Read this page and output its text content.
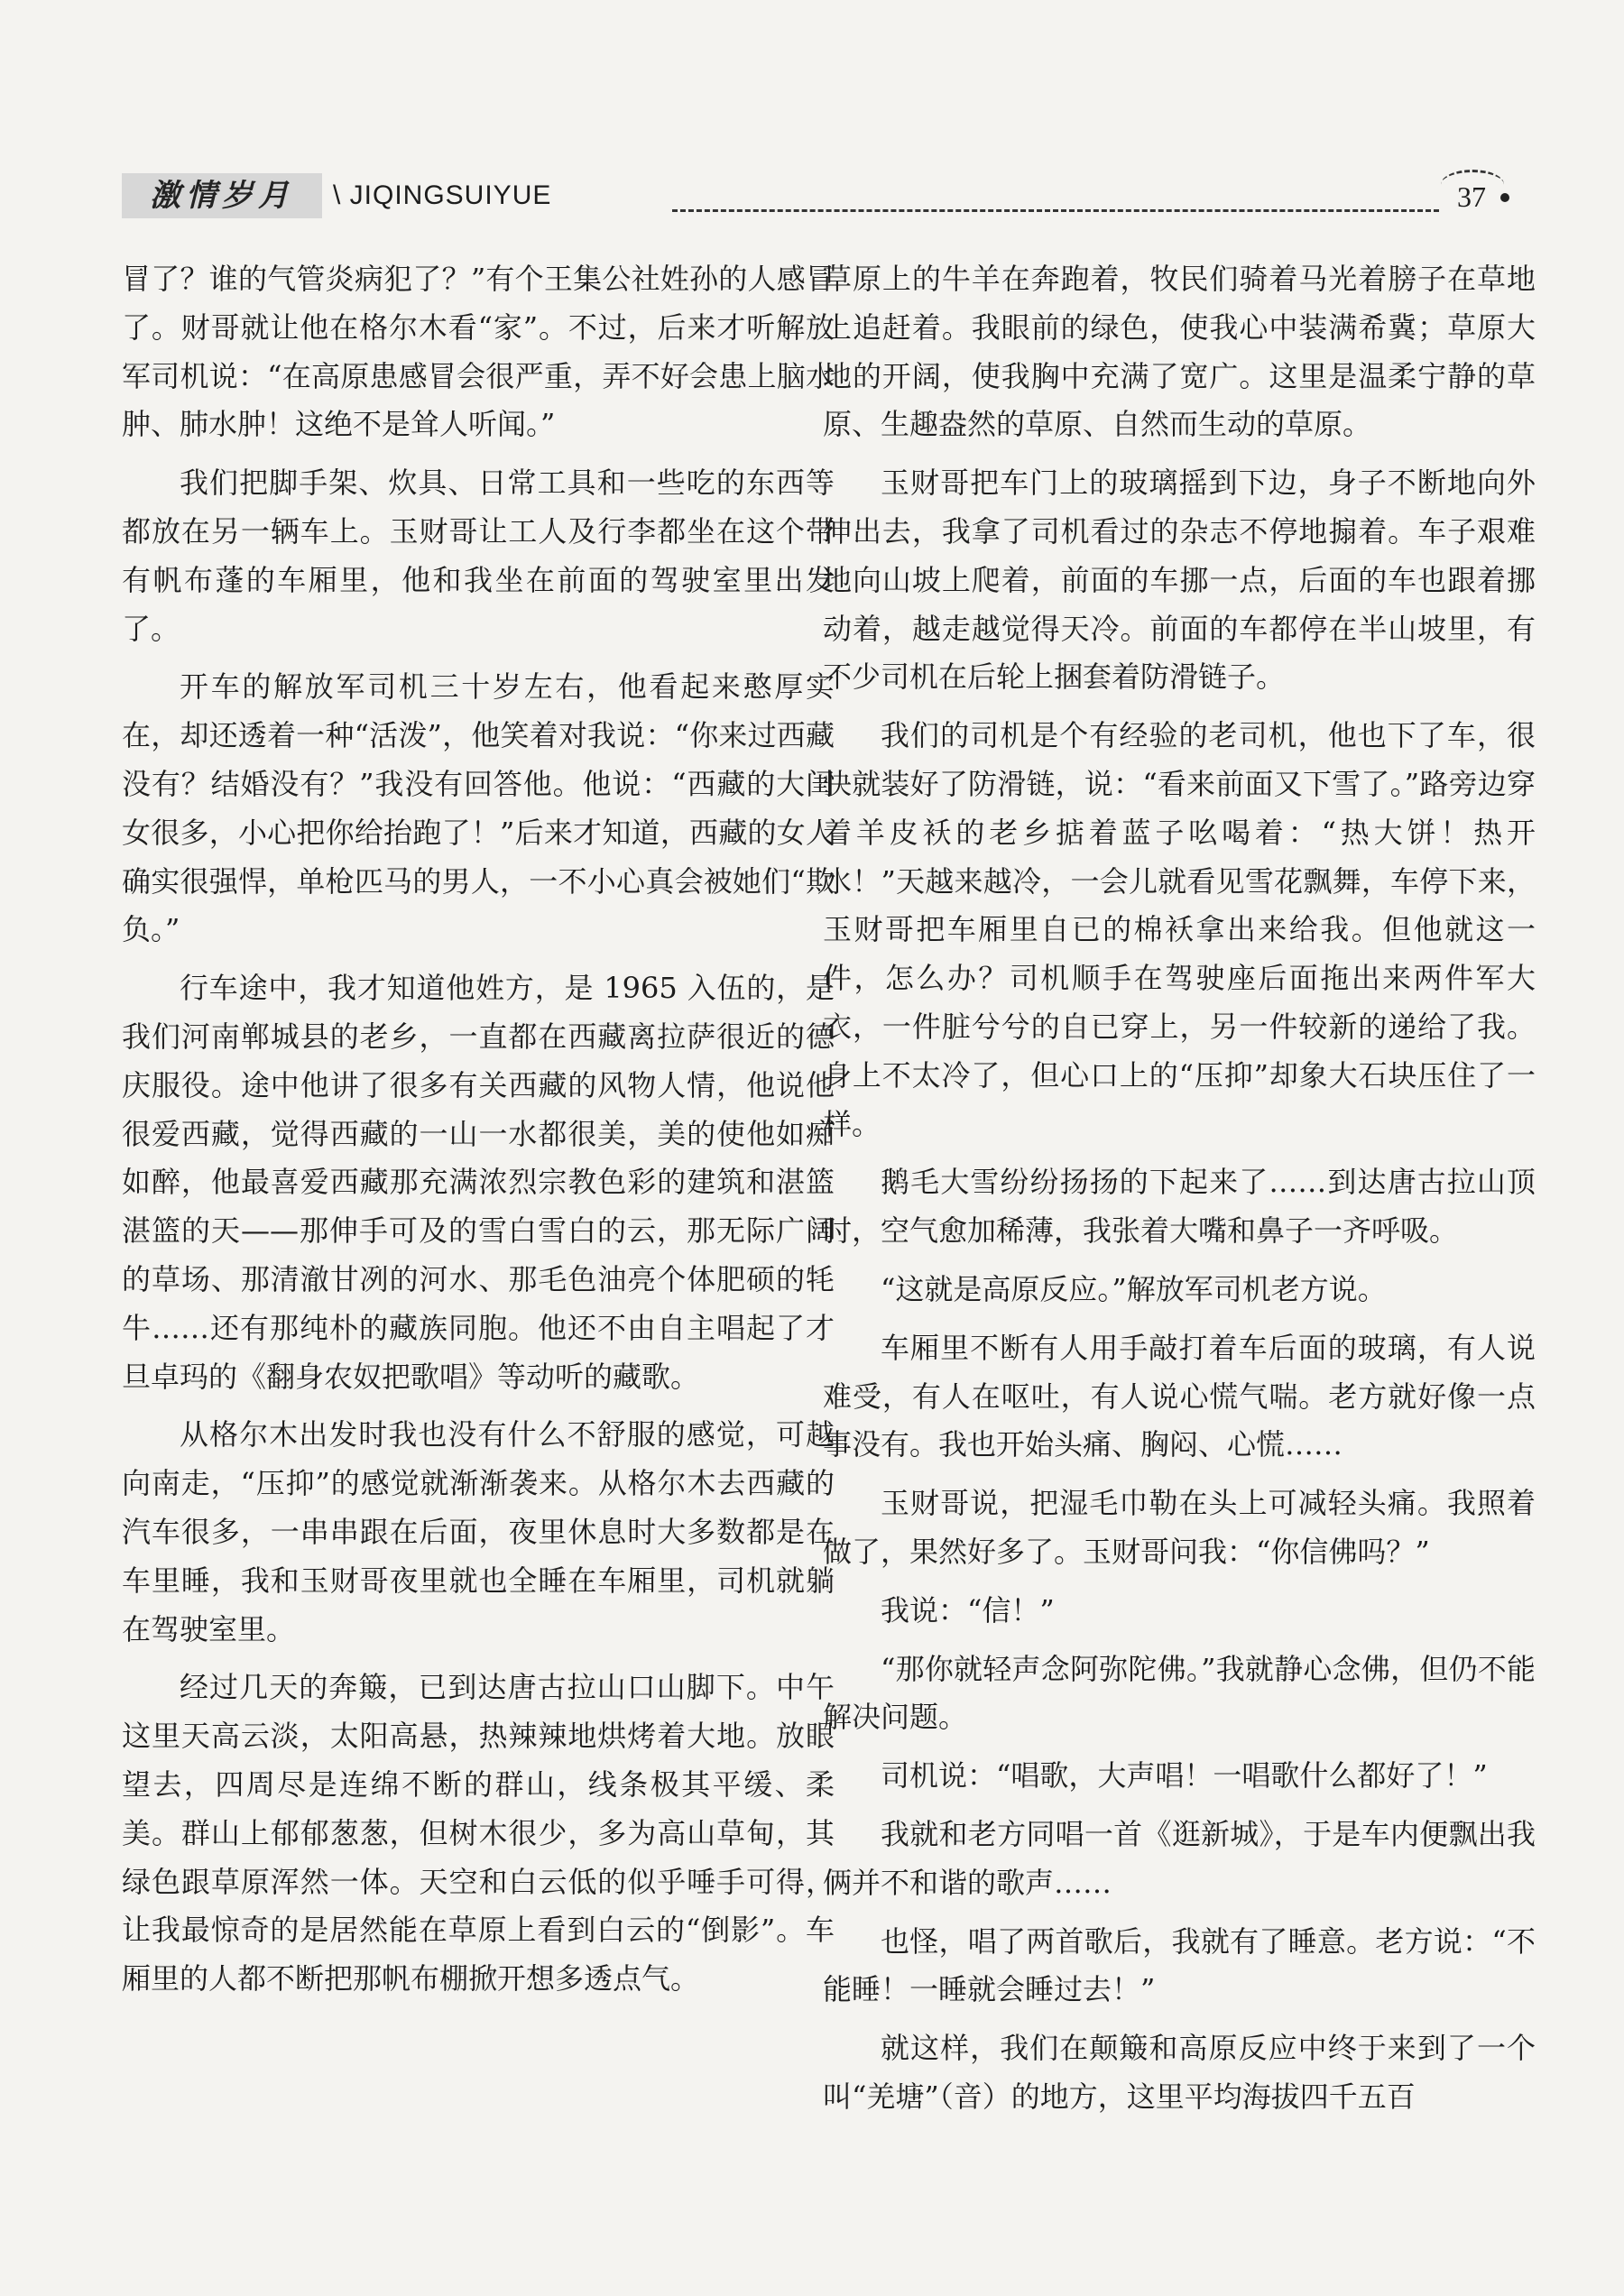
激情岁月	\ JIQINGSUIYUE	37

冒了？谁的气管炎病犯了？”有个王集公社姓孙的人感冒了。财哥就让他在格尔木看“家”。不过，后来才听解放军司机说：“在高原患感冒会很严重，弄不好会患上脑水肿、肺水肿！这绝不是耸人听闻。”

我们把脚手架、炊具、日常工具和一些吃的东西等都放在另一辆车上。玉财哥让工人及行李都坐在这个带有帆布蓬的车厢里，他和我坐在前面的驾驶室里出发了。

开车的解放军司机三十岁左右，他看起来憨厚实在，却还透着一种“活泼”，他笑着对我说：“你来过西藏没有？结婚没有？”我没有回答他。他说：“西藏的大闺女很多，小心把你给抬跑了！”后来才知道，西藏的女人确实很强悍，单枪匹马的男人，一不小心真会被她们“欺负。”

行车途中，我才知道他姓方，是 1965 入伍的，是我们河南郸城县的老乡，一直都在西藏离拉萨很近的德庆服役。途中他讲了很多有关西藏的风物人情，他说他很爱西藏，觉得西藏的一山一水都很美，美的使他如痴如醉，他最喜爱西藏那充满浓烈宗教色彩的建筑和湛篮湛篮的天——那伸手可及的雪白雪白的云，那无际广阔的草场、那清澈甘冽的河水、那毛色油亮个体肥硕的牦牛……还有那纯朴的藏族同胞。他还不由自主唱起了才旦卓玛的《翻身农奴把歌唱》等动听的藏歌。

从格尔木出发时我也没有什么不舒服的感觉，可越向南走，“压抑”的感觉就渐渐袭来。从格尔木去西藏的汽车很多，一串串跟在后面，夜里休息时大多数都是在车里睡，我和玉财哥夜里就也全睡在车厢里，司机就躺在驾驶室里。

经过几天的奔簸，已到达唐古拉山口山脚下。中午这里天高云淡，太阳高悬，热辣辣地烘烤着大地。放眼望去，四周尽是连绵不断的群山，线条极其平缓、柔美。群山上郁郁葱葱，但树木很少，多为高山草甸，其绿色跟草原浑然一体。天空和白云低的似乎唾手可得，让我最惊奇的是居然能在草原上看到白云的“倒影”。车厢里的人都不断把那帆布棚掀开想多透点气。

草原上的牛羊在奔跑着，牧民们骑着马光着膀子在草地上追赶着。我眼前的绿色，使我心中装满希冀；草原大地的开阔，使我胸中充满了宽广。这里是温柔宁静的草原、生趣盎然的草原、自然而生动的草原。

玉财哥把车门上的玻璃摇到下边，身子不断地向外伸出去，我拿了司机看过的杂志不停地搧着。车子艰难地向山坡上爬着，前面的车挪一点，后面的车也跟着挪动着，越走越觉得天冷。前面的车都停在半山坡里，有不少司机在后轮上捆套着防滑链子。

我们的司机是个有经验的老司机，他也下了车，很快就装好了防滑链，说：“看来前面又下雪了。”路旁边穿着羊皮袄的老乡掂着蓝子吆喝着：“热大饼！热开水！”天越来越冷，一会儿就看见雪花飘舞，车停下来，玉财哥把车厢里自已的棉袄拿出来给我。但他就这一件，怎么办？司机顺手在驾驶座后面拖出来两件军大衣，一件脏兮兮的自已穿上，另一件较新的递给了我。身上不太冷了，但心口上的“压抑”却象大石块压住了一样。

鹅毛大雪纷纷扬扬的下起来了……到达唐古拉山顶时，空气愈加稀薄，我张着大嘴和鼻子一齐呼吸。

“这就是高原反应。”解放军司机老方说。

车厢里不断有人用手敲打着车后面的玻璃，有人说难受，有人在呕吐，有人说心慌气喘。老方就好像一点事没有。我也开始头痛、胸闷、心慌……

玉财哥说，把湿毛巾勒在头上可减轻头痛。我照着做了，果然好多了。玉财哥问我：“你信佛吗？”

我说：“信！”

“那你就轻声念阿弥陀佛。”我就静心念佛，但仍不能解决问题。

司机说：“唱歌，大声唱！一唱歌什么都好了！”

我就和老方同唱一首《逛新城》，于是车内便飘出我俩并不和谐的歌声……

也怪，唱了两首歌后，我就有了睡意。老方说：“不能睡！一睡就会睡过去！”

就这样，我们在颠簸和高原反应中终于来到了一个叫“羌塘”（音）的地方，这里平均海拔四千五百
